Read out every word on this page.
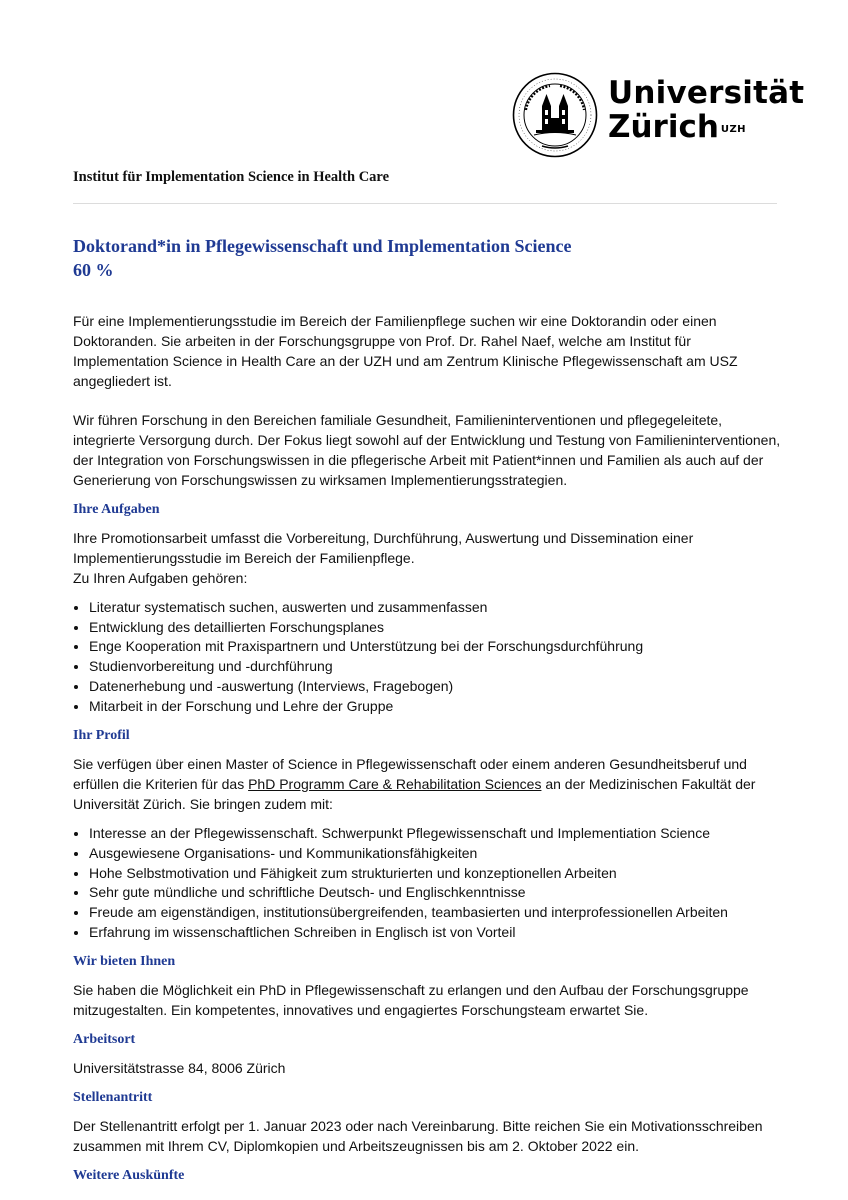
Universität
Zürich $^{UZH}$
Institut für Implementation Science in Health Care
Doktorand*in in Pflegewissenschaft und Implementation Science
60 %

Für eine Implementierungsstudie im Bereich der Familienpflege suchen wir eine Doktorandin oder einen Doktoranden. Sie arbeiten in der Forschungsgruppe von Prof. Dr. Rahel Naef, welche am Institut für Implementation Science in Health Care an der UZH und am Zentrum Klinische Pflegewissenschaft am USZ angegliedert ist.

Wir führen Forschung in den Bereichen familiale Gesundheit, Familieninterventionen und pflegegeleitete, integrierte Versorgung durch. Der Fokus liegt sowohl auf der Entwicklung und Testung von Familieninterventionen, der Integration von Forschungswissen in die pflegerische Arbeit mit Patient*innen und Familien als auch auf der Generierung von Forschungswissen zu wirksamen Implementierungsstrategien.

Ihre Aufgaben

Ihre Promotionsarbeit umfasst die Vorbereitung, Durchführung, Auswertung und Dissemination einer Implementierungsstudie im Bereich der Familienpflege.

Zu Ihren Aufgaben gehören:

• Literatur systematisch suchen, auswerten und zusammenfassen
• Entwicklung des detaillierten Forschungsplanes
• Enge Kooperation mit Praxispartnern und Unterstützung bei der Forschungsdurchführung
• Studienvorbereitung und -durchführung
• Datenerhebung und -auswertung (Interviews, Fragebogen)
• Mitarbeit in der Forschung und Lehre der Gruppe
Ihr Profil

Sie verfügen über einen Master of Science in Pflegewissenschaft oder einem anderen Gesundheitsberuf und erfüllen die Kriterien für das PhD Programm Care & Rehabilitation Sciences an der Medizinischen Fakultät der Universität Zürich. Sie bringen zudem mit:

• Interesse an der Pflegewissenschaft. Schwerpunkt Pflegewissenschaft und Implementiation Science
• Ausgewiesene Organisations- und Kommunikationsfähigkeiten
• Hohe Selbstmotivation und Fähigkeit zum strukturierten und konzeptionellen Arbeiten
• Sehr gute mündliche und schriftliche Deutsch- und Englischkenntnisse
• Freude am eigenständigen, institutionsübergreifenden, teambasierten und interprofessionellen Arbeiten
• Erfahrung im wissenschaftlichen Schreiben in Englisch ist von Vorteil
Wir bieten Ihnen

Sie haben die Möglichkeit ein PhD in Pflegewissenschaft zu erlangen und den Aufbau der Forschungsgruppe mitzugestalten. Ein kompetentes, innovatives und engagiertes Forschungsteam erwartet Sie.

Arbeitsort

Universitätstrasse 84, 8006 Zürich

Stellenantritt

Der Stellenantritt erfolgt per 1. Januar 2023 oder nach Vereinbarung. Bitte reichen Sie ein Motivationsschreiben zusammen mit Ihrem CV, Diplomkopien und Arbeitszeugnissen bis am 2. Oktober 2022 ein.

Weitere Auskünfte
